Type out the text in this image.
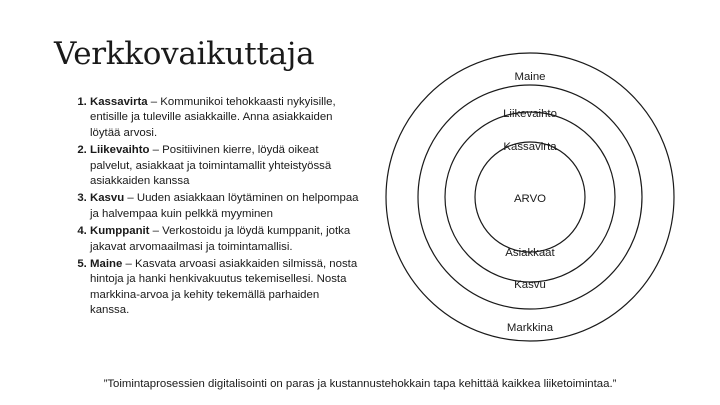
Verkkovaikuttaja
1. Kassavirta – Kommunikoi tehokkaasti nykyisille, entisille ja tuleville asiakkaille. Anna asiakkaiden löytää arvosi.
2. Liikevaihto – Positiivinen kierre, löydä oikeat palvelut, asiakkaat ja toimintamallit yhteistyössä asiakkaiden kanssa
3. Kasvu – Uuden asiakkaan löytäminen on helpompaa ja halvempaa kuin pelkkä myyminen
4. Kumppanit – Verkostoidu ja löydä kumppanit, jotka jakavat arvomaailmasi ja toimintamallisi.
5. Maine – Kasvata arvoasi asiakkaiden silmissä, nosta hintoja ja hanki henkivakuutus tekemisellesi. Nosta markkina-arvoa ja kehity tekemällä parhaiden kanssa.
Maine
Liikevaihto
Kassavirta
ARVO
Asiakkaat
Kasvu
Markkina
”Toimintaprosessien digitalisointi on paras ja kustannustehokkain tapa kehittää kaikkea liiketoimintaa.”
